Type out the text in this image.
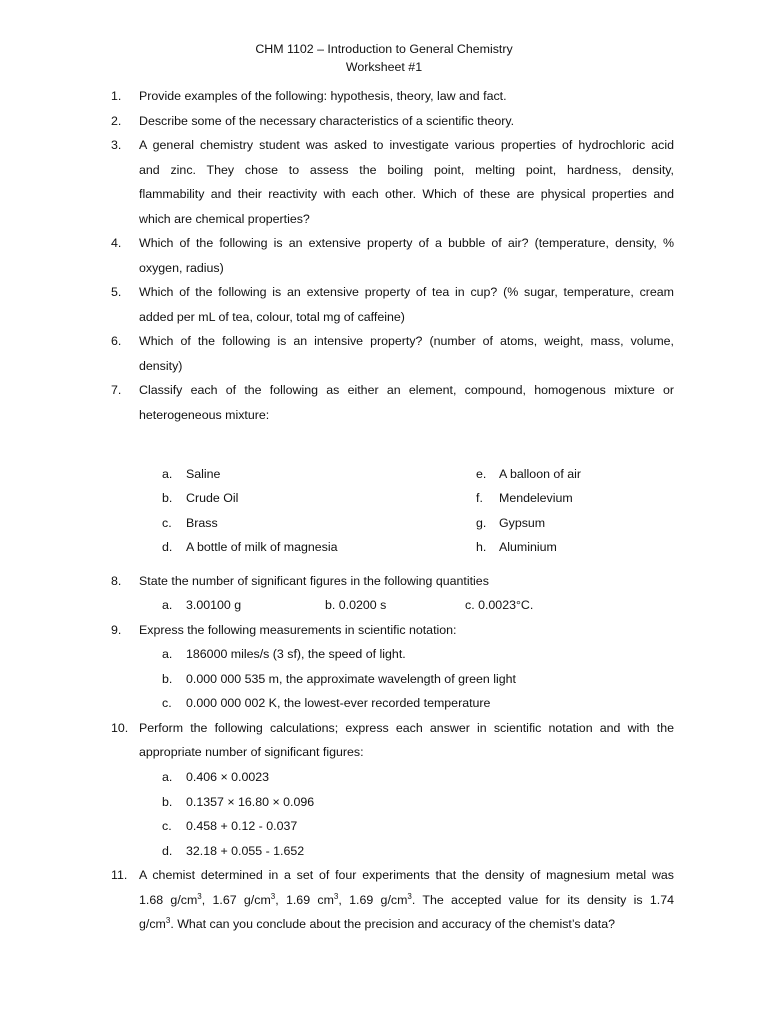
CHM 1102 – Introduction to General Chemistry
Worksheet #1
1.	Provide examples of the following: hypothesis, theory, law and fact.
2.	Describe some of the necessary characteristics of a scientific theory.
3.	A general chemistry student was asked to investigate various properties of hydrochloric acid
and zinc. They chose to assess the boiling point, melting point, hardness, density,
flammability and their reactivity with each other. Which of these are physical properties and
which are chemical properties?
4.	Which of the following is an extensive property of a bubble of air? (temperature, density, %
oxygen, radius)
5.	Which of the following is an extensive property of tea in cup? (% sugar, temperature, cream
added per mL of tea, colour, total mg of caffeine)
6.	Which of the following is an intensive property? (number of atoms, weight, mass, volume,
density)
7.	Classify each of the following as either an element, compound, homogenous mixture or
heterogeneous mixture:
a. Saline
b. Crude Oil
c. Brass
d. A bottle of milk of magnesia
e. A balloon of air
f. Mendelevium
g. Gypsum
h. Aluminium
8.	State the number of significant figures in the following quantities
a. 3.00100 g	b. 0.0200 s	c. 0.0023°C.
9.	Express the following measurements in scientific notation:
a. 186000 miles/s (3 sf), the speed of light.
b. 0.000 000 535 m, the approximate wavelength of green light
c. 0.000 000 002 K, the lowest-ever recorded temperature
10. Perform the following calculations; express each answer in scientific notation and with the
appropriate number of significant figures:
a. 0.406 × 0.0023
b. 0.1357 × 16.80 × 0.096
c. 0.458 + 0.12 - 0.037
d. 32.18 + 0.055 - 1.652
11. A chemist determined in a set of four experiments that the density of magnesium metal was
1.68 $g/cm^3$, 1.67 $g/cm^3$, 1.69 $cm^3$, 1.69 $g/cm^3$. The accepted value for its density is 1.74
$g/cm^3$. What can you conclude about the precision and accuracy of the chemist’s data?
